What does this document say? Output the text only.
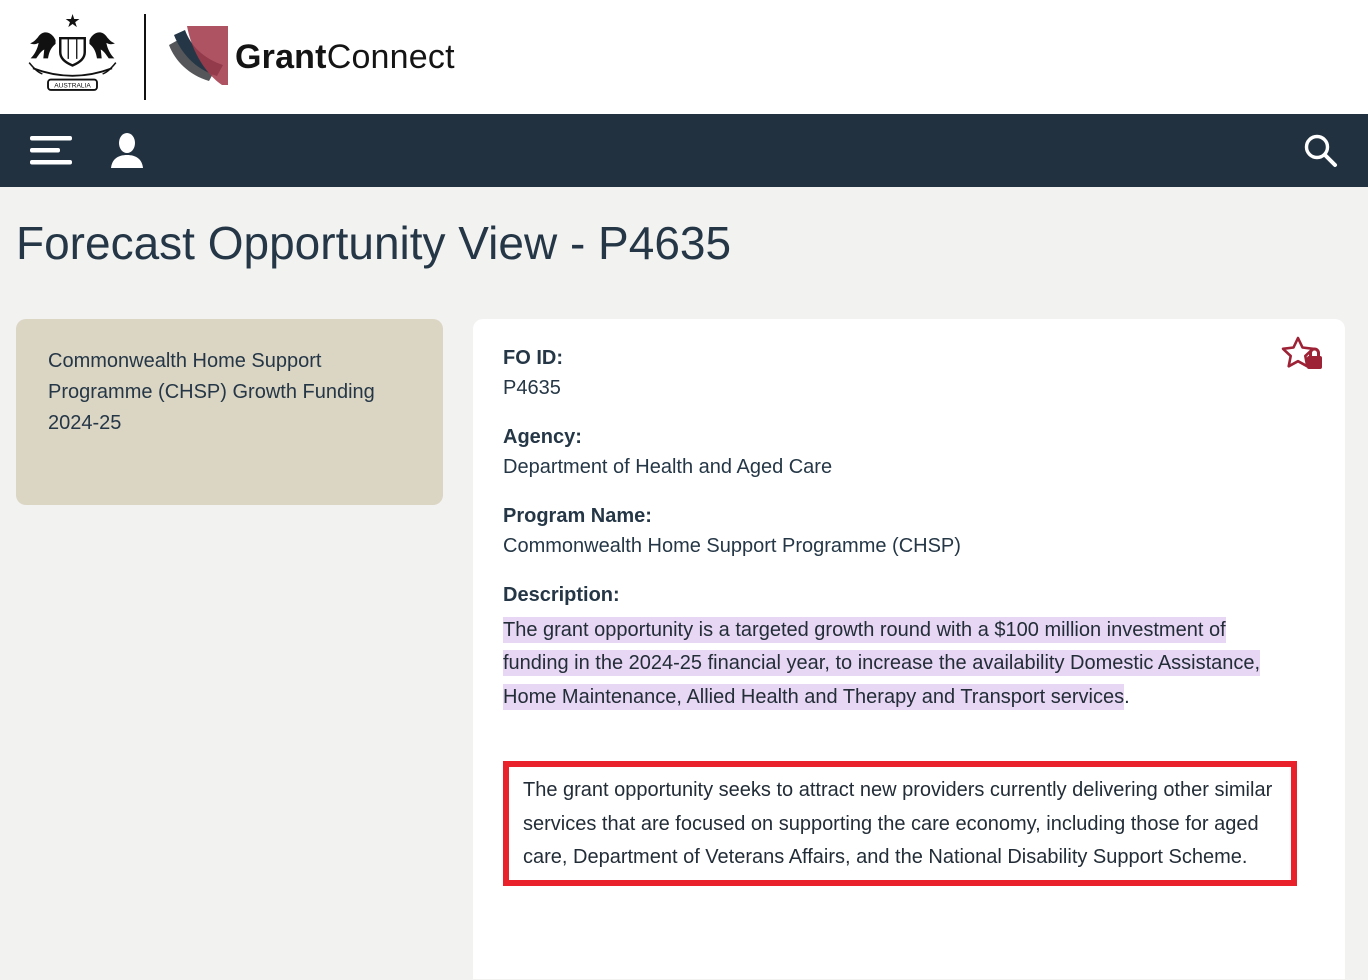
★
AUSTRALIA
GrantConnect
Forecast Opportunity View - P4635
Commonwealth Home Support Programme (CHSP) Growth Funding 2024-25
FO ID:
P4635
Agency:
Department of Health and Aged Care
Program Name:
Commonwealth Home Support Programme (CHSP)
Description:

The grant opportunity is a targeted growth round with a $100 million investment of funding in the 2024-25 financial year, to increase the availability Domestic Assistance, Home Maintenance, Allied Health and Therapy and Transport services.

The grant opportunity seeks to attract new providers currently delivering other similar services that are focused on supporting the care economy, including those for aged care, Department of Veterans Affairs, and the National Disability Support Scheme.
